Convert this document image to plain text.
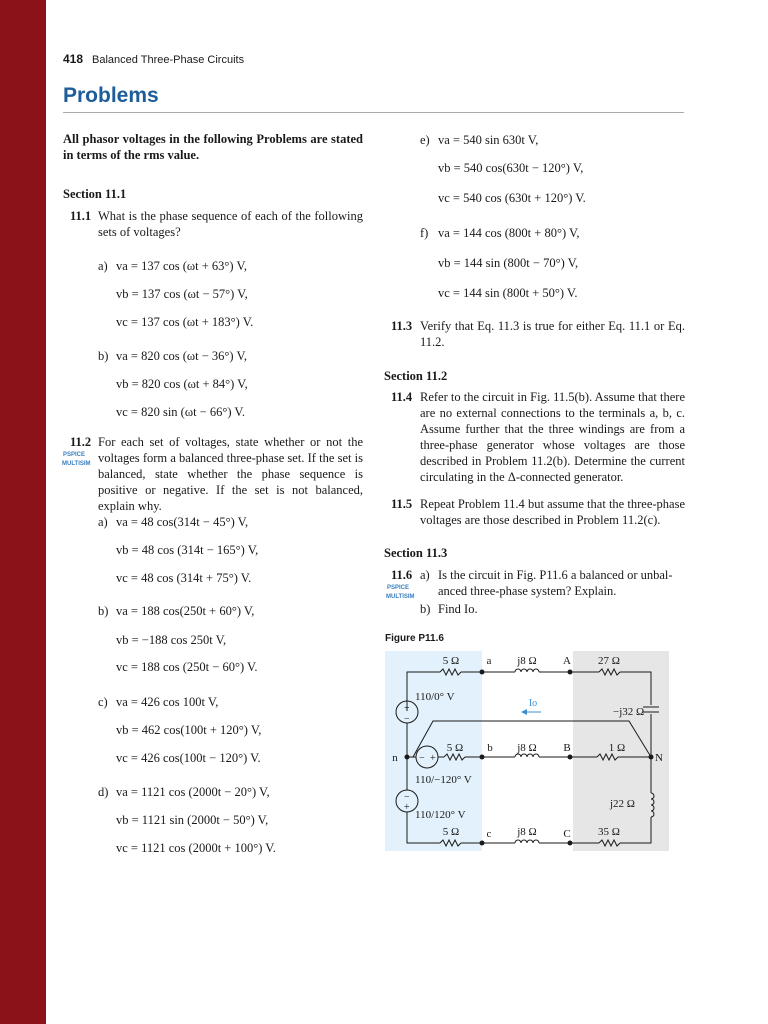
418 Balanced Three-Phase Circuits
Problems
All phasor voltages in the following Problems are stated in terms of the rms value.
Section 11.1
11.1 What is the phase sequence of each of the following sets of voltages?
a) va = 137 cos (ωt + 63°) V,
vb = 137 cos (ωt − 57°) V,
vc = 137 cos (ωt + 183°) V.
b) va = 820 cos (ωt − 36°) V,
vb = 820 cos (ωt + 84°) V,
vc = 820 sin (ωt − 66°) V.
11.2
PSPICE
MULTISIM
For each set of voltages, state whether or not the voltages form a balanced three-phase set. If the set is balanced, state whether the phase sequence is positive or negative. If the set is not balanced, explain why.
a) va = 48 cos(314t − 45°) V,
vb = 48 cos (314t − 165°) V,
vc = 48 cos (314t + 75°) V.
b) va = 188 cos(250t + 60°) V,
vb = −188 cos 250t V,
vc = 188 cos (250t − 60°) V.
c) va = 426 cos 100t V,
vb = 462 cos(100t + 120°) V,
vc = 426 cos(100t − 120°) V.
d) va = 1121 cos (2000t − 20°) V,
vb = 1121 sin (2000t − 50°) V,
vc = 1121 cos (2000t + 100°) V.
e) va = 540 sin 630t V,
vb = 540 cos(630t − 120°) V,
vc = 540 cos (630t + 120°) V.
f) va = 144 cos (800t + 80°) V,
vb = 144 sin (800t − 70°) V,
vc = 144 sin (800t + 50°) V.
11.3 Verify that Eq. 11.3 is true for either Eq. 11.1 or Eq. 11.2.
Section 11.2
11.4 Refer to the circuit in Fig. 11.5(b). Assume that there are no external connections to the terminals a, b, c. Assume further that the three windings are from a three-phase generator whose voltages are those described in Problem 11.2(b). Determine the current circulating in the Δ-connected generator.
11.5 Repeat Problem 11.4 but assume that the three-phase voltages are those described in Problem 11.2(c).
Section 11.3
11.6
PSPICE
MULTISIM
a) Is the circuit in Fig. P11.6 a balanced or unbal-
anced three-phase system? Explain.
b) Find Io.
Figure P11.6
+
−
− +
−
+
5 Ω a j8 Ω A 27 Ω
110/0° V
Io
−j32 Ω
5 Ω b j8 Ω B	1 Ω
n	N
110/−120° V
j22 Ω
110/120° V
5 Ω c j8 Ω C 35 Ω
